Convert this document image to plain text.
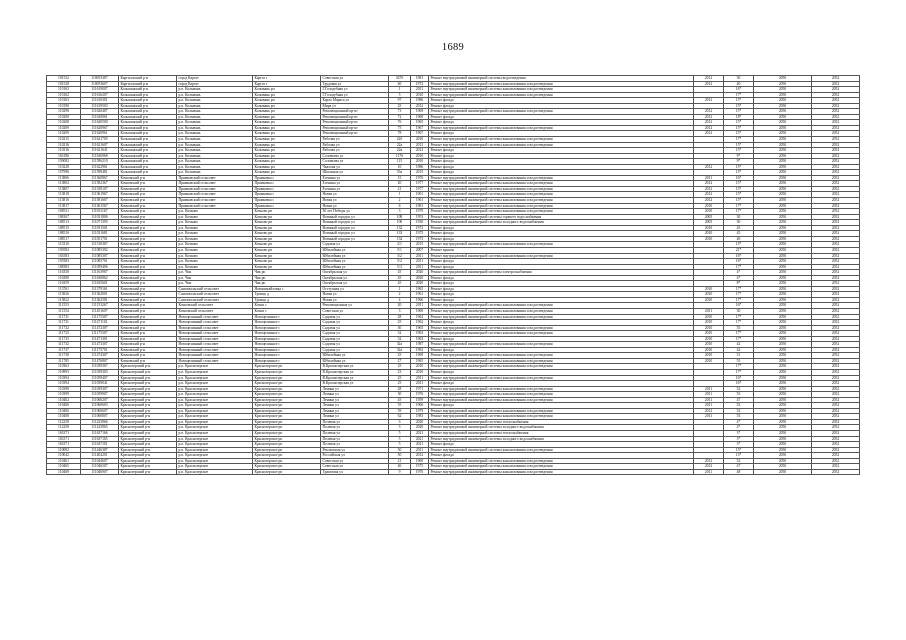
1689
101532	110053387	Каргасокский р-н	город Каргат	Каргат г	Советская ул	347б	1981	Ремонт внутридомовой инженерной системы водоотведения	2012	30	2050	2052
101528	110053607	Каргасокский р-н	город Каргат	Каргат г	Трудовая ул	40	1972	Ремонт внутридомовой инженерной системы канализования и водоотведения	2012	40	2050	2052
110163	111619007	Кольшанский р-н	р.п. Колывань	Колывань рп	Г.Голодебная ул	1	2011	Ремонт внутридомовой инженерной системы канализования и водоотведения		16*	2050	2052
110162	111616207	Кольшанский р-н	р.п. Колывань	Колывань рп	Г.Голодебная ул	5	2010	Ремонт внутридомовой инженерной системы канализования и водоотведения		17*	2050	2052
110163	111616301	Кольшанский р-н	р.п. Колывань	Колывань рп	Карла Маркса ул	97	1986	Ремонт фасада	2012	15*	2050	2052
110190	111619503	Кольшанский р-н	р.п. Колывань	Колывань рп	Мира ул	25	2012	Ремонт фасада		15*	2050	2052
110298	111620487	Кольшанский р-н	р.п. Колывань	Колывань рп	Революционный пр-кт	73	1969	Ремонт внутридомовой инженерной системы канализования и водоотведения	2012	15*	2050	2052
110208	111620061	Кольшанский р-н	р.п. Колывань	Колывань рп	Революционный пр-кт	72	1969	Ремонт фасада	2012	18*	2050	2052
110208	111620500	Кольшанский р-н	р.п. Колывань	Колывань рп	Революционный пр-кт	76	1965	Ремонт фасада	2012	15*	2050	2052
110209	111620967	Кольшанский р-н	р.п. Колывань	Колывань рп	Революционный пр-кт	75	1967	Ремонт внутридомовой инженерной системы канализования и водоотведения	2012	15*	2050	2052
110209	111620961	Кольшанский р-н	р.п. Колывань	Колывань рп	Революционный пр-кт	78	1967	Ремонт фасада	2012	15*	2050	2052
110215	111621705	Кольшанский р-н	р.п. Колывань	Колывань рп	Рабочая ул	22б	2010	Ремонт внутридомовой инженерной системы канализования и водоотведения		17*	2050	2052
110216	111621607	Кольшанский р-н	р.п. Колывань	Колывань рп	Рабочая ул	22а	2012	Ремонт внутридомовой инженерной системы канализования и водоотведения		15*	2050	2052
110216	111621641	Кольшанский р-н	р.п. Колывань	Колывань рп	Рабочая ул	22в	2012	Ремонт фасада		15*	2050	2052
163186	111636968	Кольшанский р-н	р.п. Колывань	Колывань рп	Соловьева ул	117б	2016	Ремонт фасада		9*	2050	2052
159082	111596210	Кольшанский р-н	р.п. Колывань	Колывань рп	Соловьева ул	115	2010	Ремонт фасада		9*	2050	2052
110228	111622961	Кольшанский р-н	р.п. Колывань	Колывань рп	Чкалова ул	10	1986	Ремонт фасада	2012	15*	2050	2052
157996	111599481	Кольшанский р-н	р.п. Колывань	Колывань рп	Школьная ул	53а	2015	Ремонт фасада		13*	2050	2052
113806	111360867	Кочковский р-н	Прямковский сельсовет	Прямковка с	Есенина ул	15	1976	Ремонт внутридомовой инженерной системы канализования и водоотведения	2011	16*	2050	2052
113802	111582367	Кочковский р-н	Прямковский сельсовет	Прямковка с	Есенина ул	20	1977	Ремонт внутридомовой инженерной системы канализования и водоотведения	2012	15*	2050	2052
113807	111358107	Кочковский р-н	Прямковский сельсовет	Прямковка с	Есенина ул	21	1977	Ремонт внутридомовой инженерной системы канализования и водоотведения	2012	15*	2050	2052
113818	111361967	Кочковский р-н	Прямковский сельсовет	Прямковка с	Новая ул	1	1961	Ремонт внутридомовой инженерной системы канализования и водоотведения	2012	15*	2050	2052
113816	111581607	Кочковский р-н	Прямковский сельсовет	Прямковка с	Новая ул	2	1961	Ремонт внутридомовой инженерной системы канализования и водоотведения	2012	15*	2050	2052
113817	111361567	Кочковский р-н	Прямковский сельсовет	Прямковка с	Новая ул	6	1981	Ремонт внутридомовой инженерной системы канализования и водоотведения	2010	17*	2050	2052
108311	111031167	Кочковский р-н	р.п. Кочково	Кочково рп	30 лет Победы ул	3	1979	Ремонт внутридомовой инженерной системы канализования и водоотведения	2010	17*	2050	2052
108167	111031806	Кочковский р-н	р.п. Кочково	Кочково рп	Военный городок ул	108	1953	Ремонт внутридомовой инженерной системы горячего водоснабжения	2005	30	2050	2052
108513	111071395	Кочковский р-н	р.п. Кочково	Кочково рп	Военный городок ул	100	1930	Ремонт внутридомовой инженерной системы холодного водоснабжения	2005	30	2050	2052
108515	111031501	Кочковский р-н	р.п. Кочково	Кочково рп	Военный городок ул	132	1972	Ремонт фасада	2010	45	2050	2052
108516	111031681	Кочковский р-н	р.п. Кочково	Кочково рп	Военный городок ул	133	1975	Ремонт фасада	2010	45	2050	2052
108517	111051701	Кочковский р-н	р.п. Кочково	Кочково рп	Военный городок ул	134	1973	Ремонт фасада	2010	40	2050	2052
115310	111510367	Кочковский р-н	р.п. Кочково	Кочково рп	Садовая ул	2/1	2015	Ремонт внутридомовой инженерной системы канализования и водоотведения		13*	2050	2052
159582	111085392	Кочковский р-н	р.п. Кочково	Кочково рп	Юбилейная ул	5/1	2007	Ремонт крыши		21*	2050	2052
163583	111085307	Кочковский р-н	р.п. Кочково	Кочково рп	Юбилейная ул	3/2	2011	Ремонт внутридомовой инженерной системы канализования и водоотведения		16*	2050	2052
159383	111085701	Кочковский р-н	р.п. Кочково	Кочково рп	Юбилейная ул	5/2	2011	Ремонт фасада		16*	2050	2052
108383	111059406	Кочковский р-н	р.п. Кочково	Кочково рп	Юбилейная ул	5/3	2011	Ремонт фасада		17*	2050	2052
116350	111163987	Кочковский р-н	р.п. Чик	Чик рп	Октябрьская ул	45	2020	Ремонт внутридомовой инженерной системы электроснабжения		4*	2050	2052
116390	111636862	Кочковский р-н	р.п. Чик	Чик рп	Октябрьская ул	45	2020	Ремонт фасада		4*	2050	2052
116359	111635601	Кочковский р-н	р.п. Чик	Чик рп	Октябрьская ул	45	2020	Ремонт фасада		8*	2050	2052
113761	111379161	Кочковский р-н	Самохвальский сельсовет	Новомихайловка с	Отступная ул	1	1965	Ремонт фасада	2010	17*	2050	2052
113826	111362001	Кочковский р-н	Самохвальский сельсовет	Троицк д	Новая ул	2	1961	Ремонт фасада	2010	17*	2050	2052
113822	111362581	Кочковский р-н	Самохвальский сельсовет	Троицк д	Новая ул	4	1966	Ремонт фасада	2010	17*	2050	2052
111553	111153267	Кочковский р-н	Кочковский сельсовет	Кочки с	Революционная ул	20	2011	Ремонт внутридомовой инженерной системы канализования и водоотведения		16*	2050	2052
111554	111451607	Кочковский р-н	Кочковский сельсовет	Кочки с	Советская ул	3	1969	Ремонт внутридомовой инженерной системы канализования и водоотведения	2011	30	2050	2052
111731	111175307	Кочковский р-н	Новоцелинный сельсовет	Новоцелинное с	Садовая ул	28	1962	Ремонт внутридомовой инженерной системы канализования и водоотведения	2010	17*	2050	2052
111731	111471101	Кочковский р-н	Новоцелинный сельсовет	Новоцелинное с	Садовая ул	25	1962	Ремонт фасада	2010	17*	2050	2052
111732	111472307	Кочковский р-н	Новоцелинный сельсовет	Новоцелинное с	Садовая ул	30	1965	Ремонт внутридомовой инженерной системы канализования и водоотведения	2010	55	2050	2052
111733	111175307	Кочковский р-н	Новоцелинный сельсовет	Новоцелинное с	Садовая ул	32	1963	Ремонт внутридомовой инженерной системы канализования и водоотведения	2010	17*	2050	2052
111733	111471301	Кочковский р-н	Новоцелинный сельсовет	Новоцелинное с	Садовая ул	32	1963	Ремонт фасада	2010	17*	2050	2052
111732	111473307	Кочковский р-н	Новоцелинный сельсовет	Новоцелинное с	Садовая ул	32а	1987	Ремонт внутридомовой инженерной системы канализования и водоотведения	2010	42	2050	2052
111737	111175701	Кочковский р-н	Новоцелинный сельсовет	Новоцелинное с	Садовая ул	32а	1992	Ремонт фасада	2010	42	2050	2052
111738	111474307	Кочковский р-н	Новоцелинный сельсовет	Новоцелинное с	Юбилейная ул	25	1969	Ремонт внутридомовой инженерной системы канализования и водоотведения	2010	51	2050	2052
111785	111476807	Кочковский р-н	Новоцелинный сельсовет	Новоцелинное с	Юбилейная ул	27	1965	Ремонт внутридомовой инженерной системы канализования и водоотведения	2010	55	2050	2052
110363	111039367	Краснозерский р-н	р.п. Краснозерское	Краснозерское рп	В.Краснозерская ул	25	2010	Ремонт внутридомовой инженерной системы канализования и водоотведения		17*	2050	2052
110993	111039303	Краснозерский р-н	р.п. Краснозерское	Краснозерское рп	В.Краснозерская ул	23	2010	Ремонт фасада		17*	2050	2052
110394	111059407	Краснозерский р-н	р.п. Краснозерское	Краснозерское рп	В.Краснозерская ул	25	2011	Ремонт внутридомовой инженерной системы канализования и водоотведения		16*	2050	2052
110394	111039041	Краснозерский р-н	р.п. Краснозерское	Краснозерское рп	В.Краснозерская ул	25	2011	Ремонт фасада		16*	2050	2052
110398	111039307	Краснозерский р-н	р.п. Краснозерское	Краснозерское рп	Ленина ул	28	1971	Ремонт внутридомовой инженерной системы канализования и водоотведения	2011	52	2050	2052
110399	111059907	Краснозерский р-н	р.п. Краснозерское	Краснозерское рп	Ленина ул	30	1976	Ремонт внутридомовой инженерной системы канализования и водоотведения	2011	53	2050	2052
110402	111060207	Краснозерский р-н	р.п. Краснозерское	Краснозерское рп	Ленина ул	45	1959	Ремонт внутридомовой инженерной системы канализования и водоотведения	2011	47	2050	2052
110406	111060603	Краснозерский р-н	р.п. Краснозерское	Краснозерское рп	Ленина ул	55	1966	Ремонт фасада	2011	52	2050	2052
110406	111060607	Краснозерский р-н	р.п. Краснозерское	Краснозерское рп	Ленина ул	59	1979	Ремонт внутридомовой инженерной системы канализования и водоотведения	2012	52	2050	2052
110408	111060807	Краснозерский р-н	р.п. Краснозерское	Краснозерское рп	Ленина ул	62	1983	Ремонт внутридомовой инженерной системы канализования и водоотведения	2011	53	2050	2052
112258	111225866	Краснозерский р-н	р.п. Краснозерское	Краснозерское рп	Полевая ул	3	2020	Ремонт внутридомовой инженерной системы теплоснабжения		4*	2050	2052
112258	111225865	Краснозерский р-н	р.п. Краснозерское	Краснозерское рп	Полевая ул	3	2020	Ремонт внутридомовой инженерной системы холодного водоснабжения		4*	2050	2052
163371	111637166	Краснозерский р-н	р.п. Краснозерское	Краснозерское рп	Полевая ул	5	2021	Ремонт внутридомовой инженерной системы теплоснабжения		3*	2050	2052
163371	111637165	Краснозерский р-н	р.п. Краснозерское	Краснозерское рп	Полевая ул	5	2021	Ремонт внутридомовой инженерной системы холодного водоснабжения		3*	2050	2052
163371	111637101	Краснозерский р-н	р.п. Краснозерское	Краснозерское рп	Полевая ул	5	2021	Ремонт фасада		3*	2050	2052
110082	111446387	Краснозерский р-н	р.п. Краснозерское	Краснозерское рп	Рекламская ул	50	2011	Ремонт внутридомовой инженерной системы канализования и водоотведения		15*	2050	2052
110042	111404201	Краснозерский р-н	р.п. Краснозерское	Краснозерское рп	Российская ул	50	2012	Ремонт фасада		13*	2050	2052
110461	111044607	Краснозерский р-н	р.п. Краснозерское	Краснозерское рп	Советская ул	21	1969	Ремонт внутридомовой инженерной системы канализования и водоотведения	2012	52	2050	2052
110465	111046507	Краснозерский р-н	р.п. Краснозерское	Краснозерское рп	Советская ул	46	1975	Ремонт внутридомовой инженерной системы канализования и водоотведения	2012	47	2050	2052
110469	111046907	Краснозерский р-н	р.п. Краснозерское	Краснозерское рп	Трактовая ул	9	1976	Ремонт внутридомовой инженерной системы канализования и водоотведения	2011	48	2050	2052
